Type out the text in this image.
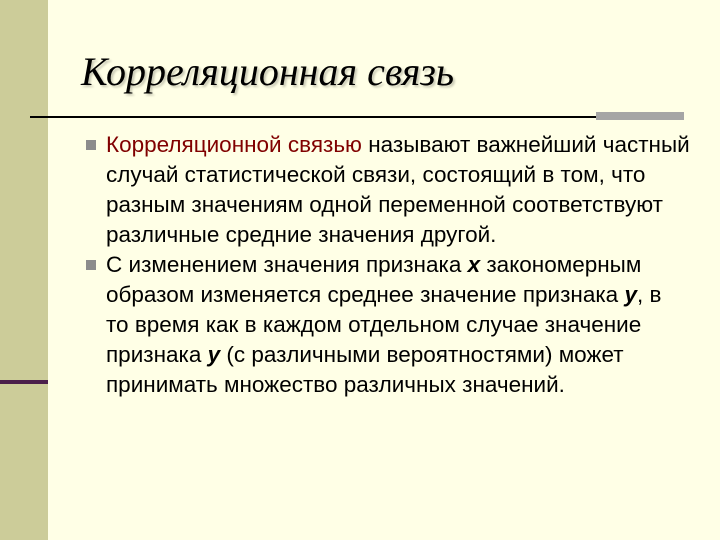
Корреляционная связь
Корреляционной связью называют важнейший частный случай статистической связи, состоящий в том, что разным значениям одной переменной соответствуют различные средние значения другой.
С изменением значения признака x закономерным образом изменяется среднее значение признака y, в то время как в каждом отдельном случае значение признака y (с различными вероятностями) может принимать множество различных значений.
